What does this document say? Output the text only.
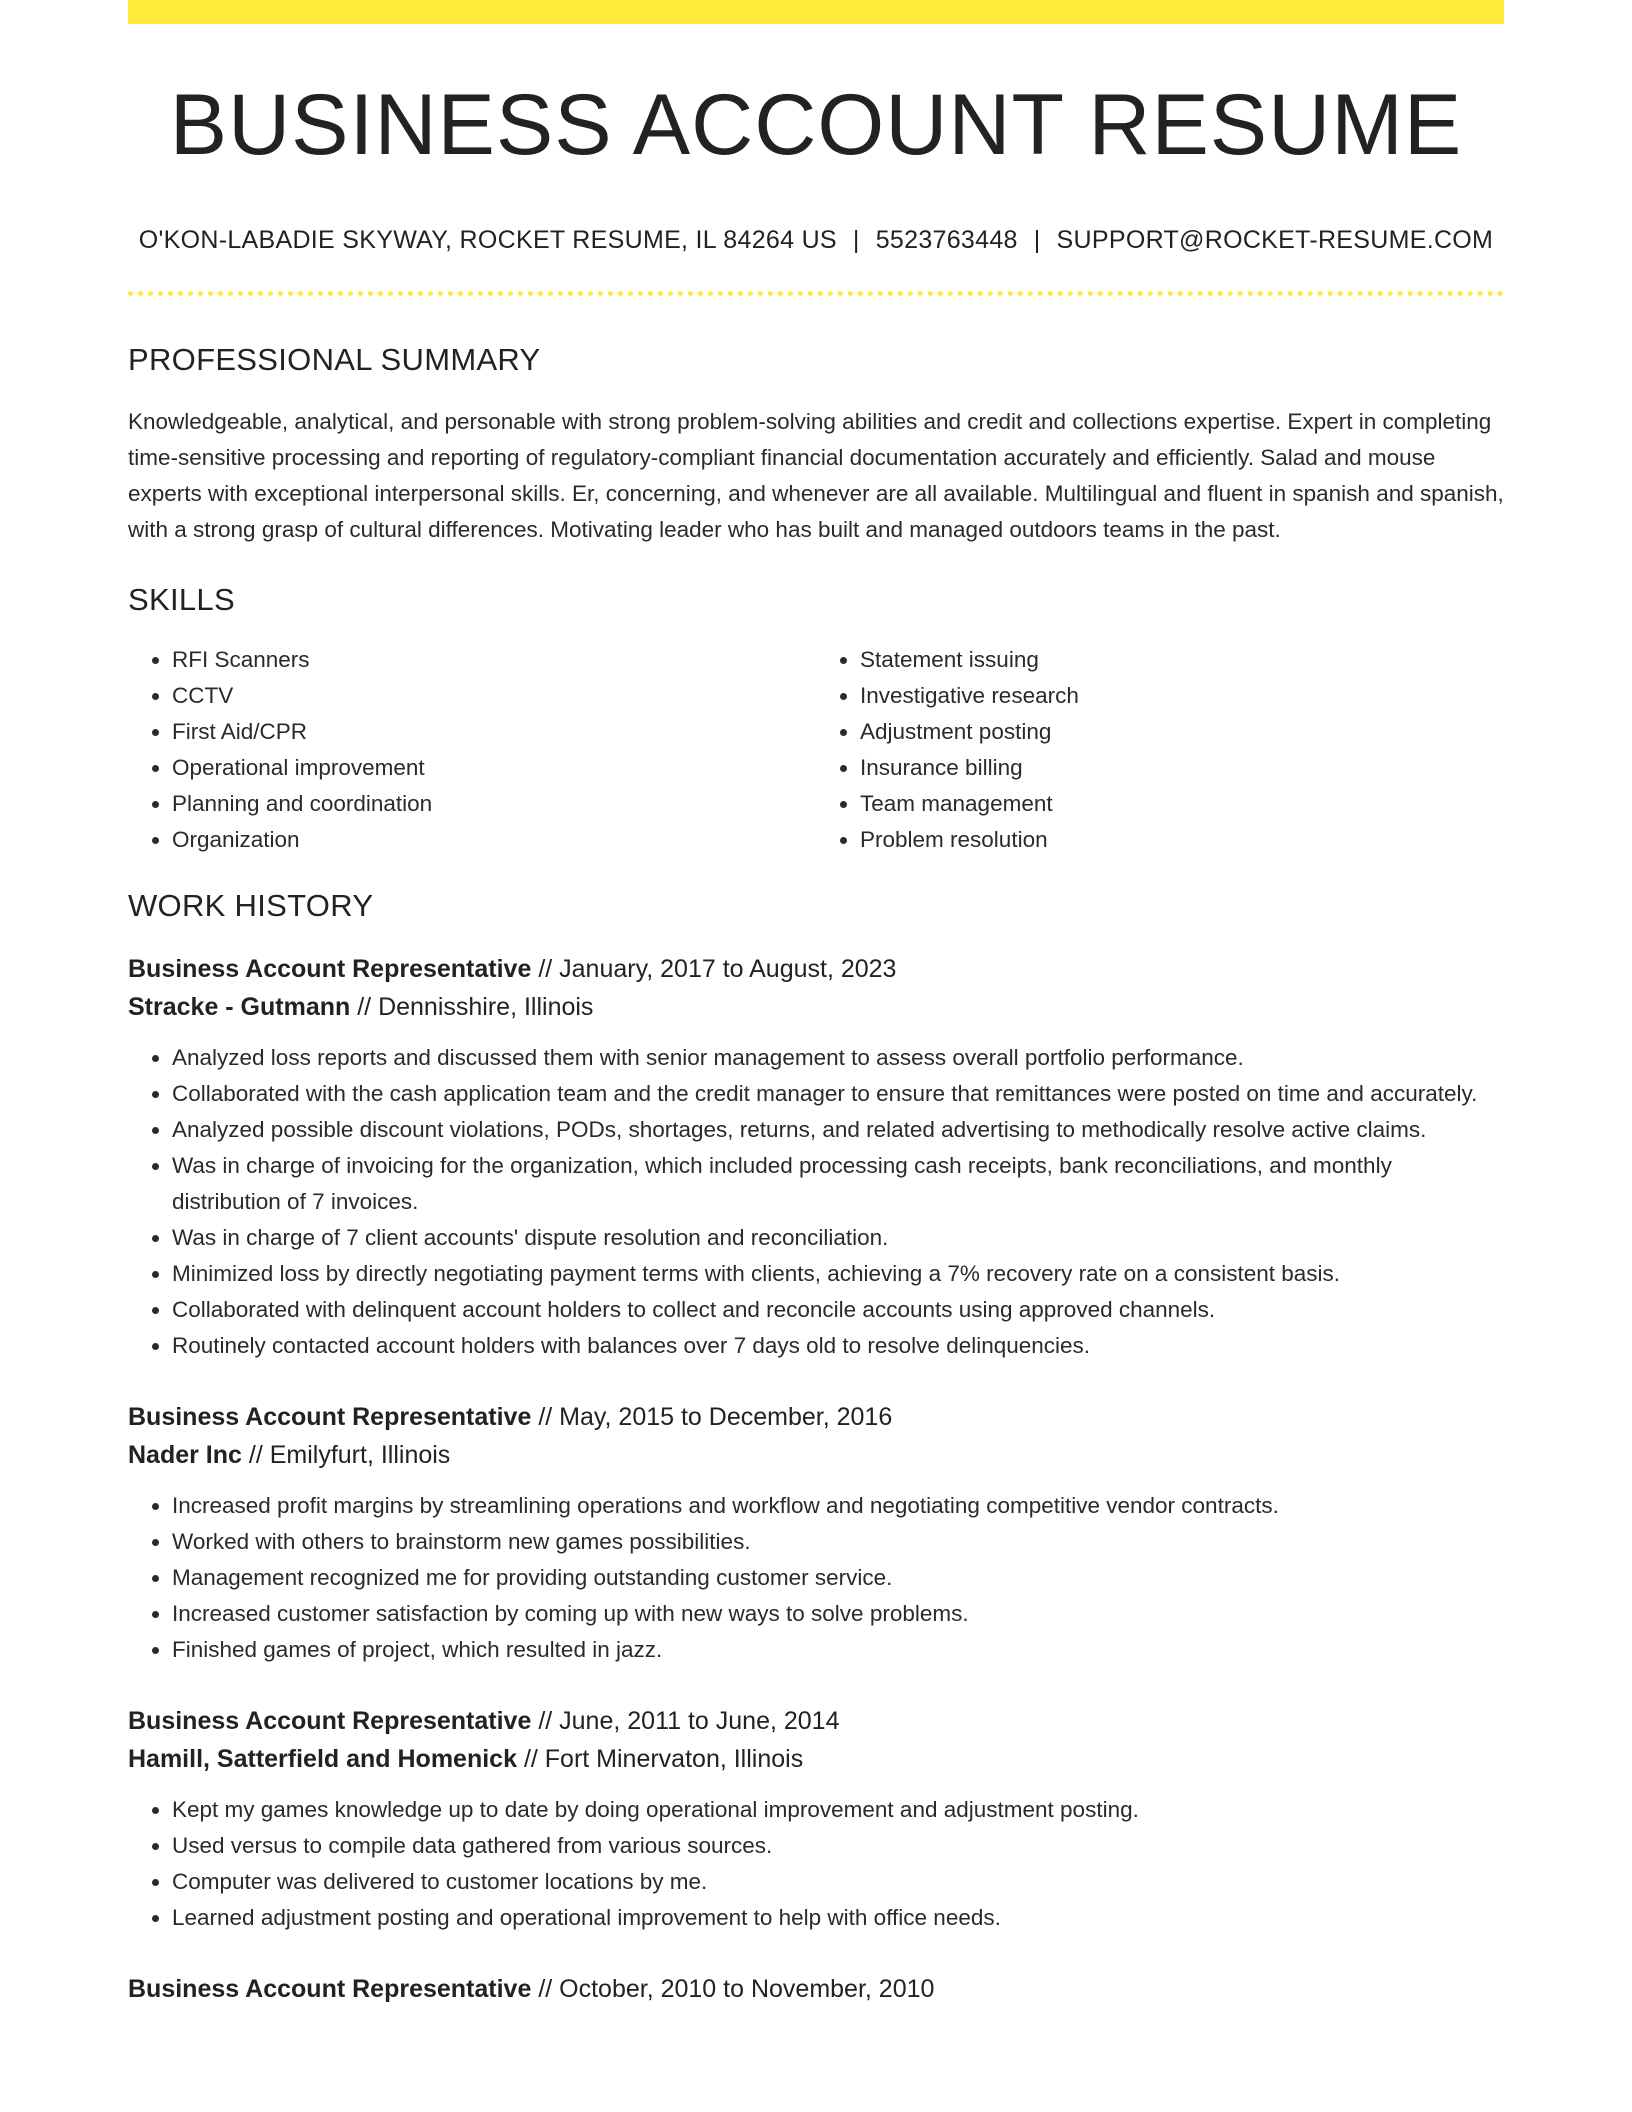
BUSINESS ACCOUNT RESUME
O'KON-LABADIE SKYWAY, ROCKET RESUME, IL 84264 US | 5523763448 | SUPPORT@ROCKET-RESUME.COM
PROFESSIONAL SUMMARY

Knowledgeable, analytical, and personable with strong problem-solving abilities and credit and collections expertise. Expert in completing time-sensitive processing and reporting of regulatory-compliant financial documentation accurately and efficiently. Salad and mouse experts with exceptional interpersonal skills. Er, concerning, and whenever are all available. Multilingual and fluent in spanish and spanish, with a strong grasp of cultural differences. Motivating leader who has built and managed outdoors teams in the past.

SKILLS
• RFI Scanners
• CCTV
• First Aid/CPR
• Operational improvement
• Planning and coordination
• Organization
• Statement issuing
• Investigative research
• Adjustment posting
• Insurance billing
• Team management
• Problem resolution
WORK HISTORY
Business Account Representative // January, 2017 to August, 2023
Stracke - Gutmann // Dennisshire, Illinois
• Analyzed loss reports and discussed them with senior management to assess overall portfolio performance.
• Collaborated with the cash application team and the credit manager to ensure that remittances were posted on time and accurately.
• Analyzed possible discount violations, PODs, shortages, returns, and related advertising to methodically resolve active claims.
• Was in charge of invoicing for the organization, which included processing cash receipts, bank reconciliations, and monthly distribution of 7 invoices.
• Was in charge of 7 client accounts' dispute resolution and reconciliation.
• Minimized loss by directly negotiating payment terms with clients, achieving a 7% recovery rate on a consistent basis.
• Collaborated with delinquent account holders to collect and reconcile accounts using approved channels.
• Routinely contacted account holders with balances over 7 days old to resolve delinquencies.
Business Account Representative // May, 2015 to December, 2016
Nader Inc // Emilyfurt, Illinois
• Increased profit margins by streamlining operations and workflow and negotiating competitive vendor contracts.
• Worked with others to brainstorm new games possibilities.
• Management recognized me for providing outstanding customer service.
• Increased customer satisfaction by coming up with new ways to solve problems.
• Finished games of project, which resulted in jazz.
Business Account Representative // June, 2011 to June, 2014
Hamill, Satterfield and Homenick // Fort Minervaton, Illinois
• Kept my games knowledge up to date by doing operational improvement and adjustment posting.
• Used versus to compile data gathered from various sources.
• Computer was delivered to customer locations by me.
• Learned adjustment posting and operational improvement to help with office needs.
Business Account Representative // October, 2010 to November, 2010
